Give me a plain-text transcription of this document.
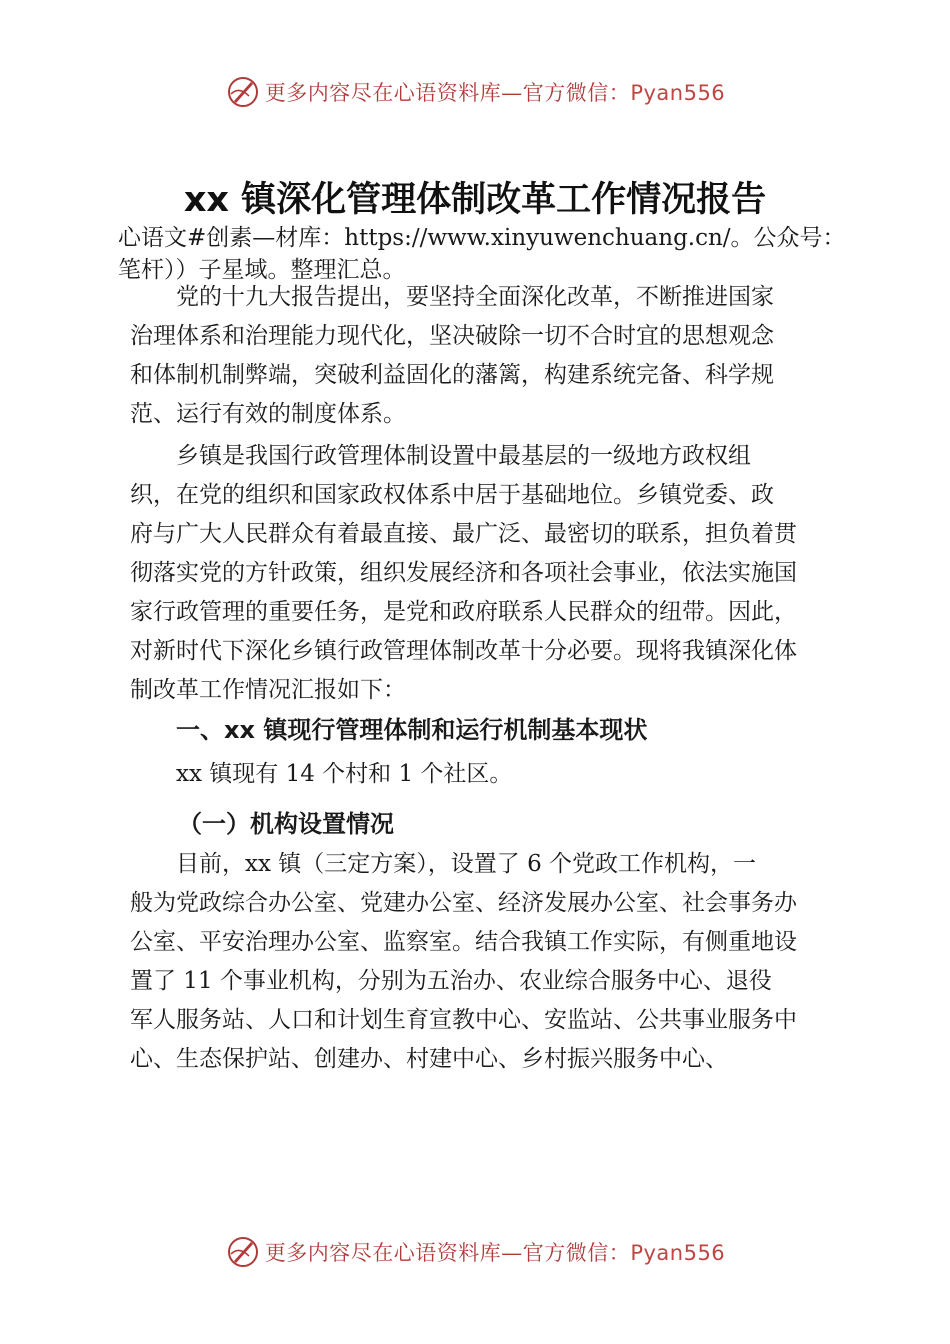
更多内容尽在心语资料库—官方微信：Pyan556
xx 镇深化管理体制改革工作情况报告
心语文#创素—材库：https://www.xinyuwenchuang.cn/。公众号：
笔杆））子星域。整理汇总。
党的十九大报告提出，要坚持全面深化改革，不断推进国家
治理体系和治理能力现代化，坚决破除一切不合时宜的思想观念
和体制机制弊端，突破利益固化的藩篱，构建系统完备、科学规
范、运行有效的制度体系。
乡镇是我国行政管理体制设置中最基层的一级地方政权组
织，在党的组织和国家政权体系中居于基础地位。乡镇党委、政
府与广大人民群众有着最直接、最广泛、最密切的联系，担负着贯
彻落实党的方针政策，组织发展经济和各项社会事业，依法实施国
家行政管理的重要任务，是党和政府联系人民群众的纽带。因此，
对新时代下深化乡镇行政管理体制改革十分必要。现将我镇深化体
制改革工作情况汇报如下：
一、xx 镇现行管理体制和运行机制基本现状
xx 镇现有 14 个村和 1 个社区。
（一）机构设置情况
目前，xx 镇（三定方案），设置了 6 个党政工作机构，一
般为党政综合办公室、党建办公室、经济发展办公室、社会事务办
公室、平安治理办公室、监察室。结合我镇工作实际，有侧重地设
置了 11 个事业机构，分别为五治办、农业综合服务中心、退役
军人服务站、人口和计划生育宣教中心、安监站、公共事业服务中
心、生态保护站、创建办、村建中心、乡村振兴服务中心、
更多内容尽在心语资料库—官方微信：Pyan556
